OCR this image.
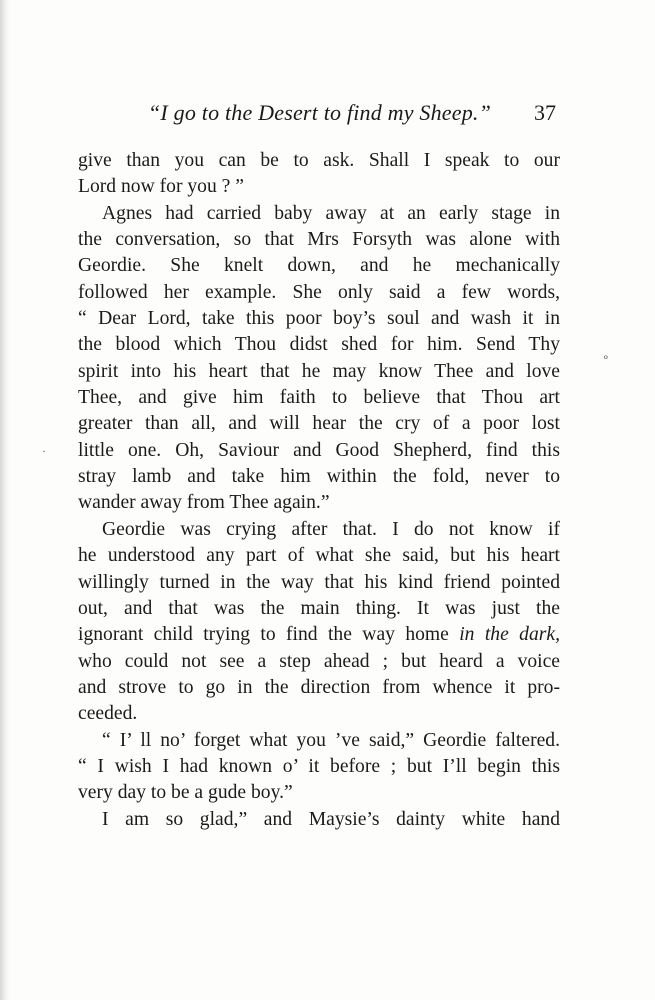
“I go to the Desert to find my Sheep.” 37
give than you can be to ask. Shall I speak to our
Lord now for you ? ”
Agnes had carried baby away at an early stage in
the conversation, so that Mrs Forsyth was alone with
Geordie. She knelt down, and he mechanically
followed her example. She only said a few words,
“ Dear Lord, take this poor boy’s soul and wash it in
the blood which Thou didst shed for him. Send Thy
spirit into his heart that he may know Thee and love
Thee, and give him faith to believe that Thou art
greater than all, and will hear the cry of a poor lost
little one. Oh, Saviour and Good Shepherd, find this
stray lamb and take him within the fold, never to
wander away from Thee again.”
Geordie was crying after that. I do not know if
he understood any part of what she said, but his heart
willingly turned in the way that his kind friend pointed
out, and that was the main thing. It was just the
ignorant child trying to find the way home in the dark,
who could not see a step ahead ; but heard a voice
and strove to go in the direction from whence it pro-
ceeded.
“ I’ ll no’ forget what you ’ve said,” Geordie faltered.
“ I wish I had known o’ it before ; but I’ll begin this
very day to be a gude boy.”
I am so glad,” and Maysie’s dainty white hand
∘
·
